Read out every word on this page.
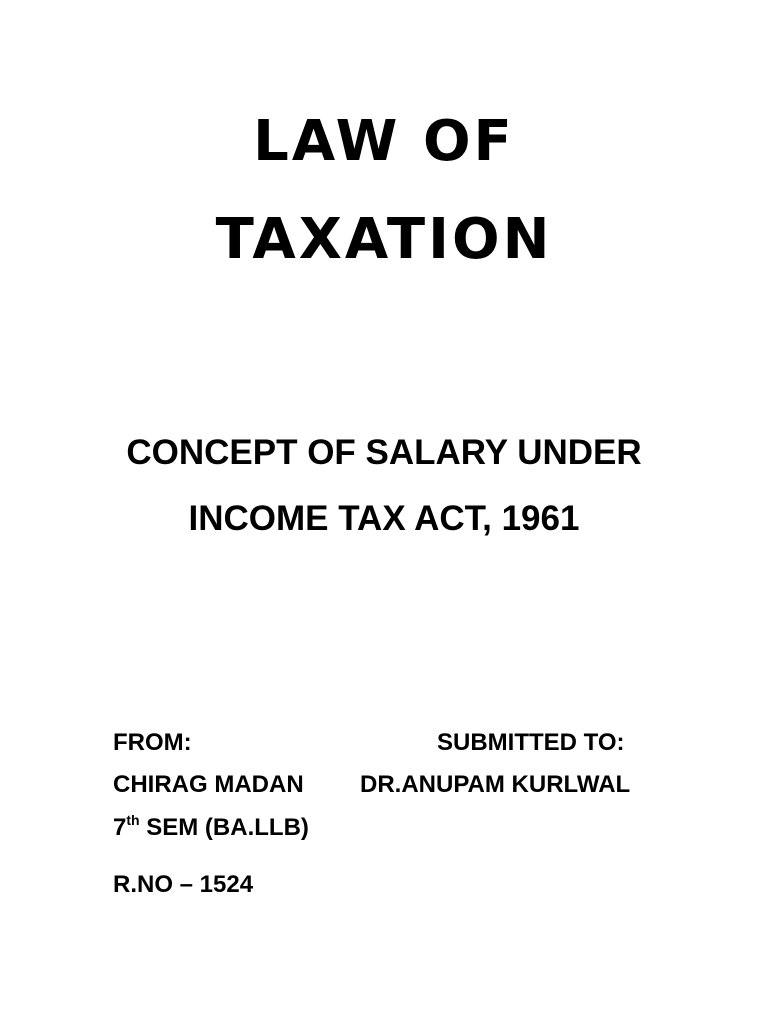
LAW OF
TAXATION
CONCEPT OF SALARY UNDER
INCOME TAX ACT, 1961
FROM:	SUBMITTED TO:
CHIRAG MADAN DR.ANUPAM KURLWAL
7th SEM (BA.LLB)
R.NO – 1524
